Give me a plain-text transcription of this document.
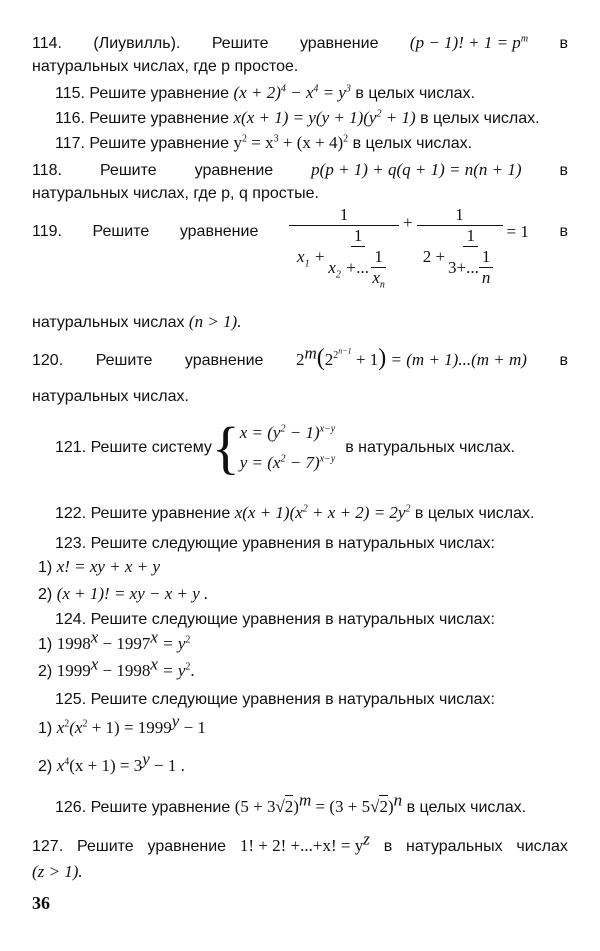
114. (Лиувилль). Решите уравнение (p − 1)! + $1 = p^m$ в
натуральных числах, где p простое.
115. Решите уравнение $(x + 2)^4 - x^4 = y^3$ в целых числах.
116. Решите уравнение $x(x + 1) = y(y + 1)(y^2 + 1)$ в целых числах.
117. Решите уравнение $y^2 = x^3 + (x + 4)^2$ в целых числах.
118. Решите уравнение p(p + 1) + q(q + 1) = n(n + 1) в
натуральных числах, где p, q простые.
119. Решите уравнение
1
$x_1 + \frac{1}{x_2 +... \frac{1}{x_n}}$
+	1
$2 + \frac{1}{3+... \frac{1}{n}} = 1$ в
натуральных числах (n > 1).
120. Решите уравнение $2^m(2^{2^{n-1}} + 1) = (m + 1)...(m + m)$ в
натуральных числах.
121. Решите систему { $x = (y^2 - 1)^{x-y}$
$y = (x^2 - 7)^{x-y}$
в натуральных числах.
122. Решите уравнение $x(x + 1)(x^2 + x + 2) = 2y^2$ в целых числах.
123. Решите следующие уравнения в натуральных числах:
1) x! = xy + x + y
2) (x + 1)! = xy − x + y .
124. Решите следующие уравнения в натуральных числах:
1) $1998^x - 1997^x = y^2$
2) $1999^x - 1998^x = y^2$.
125. Решите следующие уравнения в натуральных числах:
1) $x^2(x^2 + 1) = 1999^y - 1$
2) $x^4(x + 1) = 3^y - 1$ .
126. Решите уравнение $(5 + 3√2)^m = (3 + 5√2)^n$ в целых числах.
127. Решите уравнение 1! + 2! +...+x! = $y^z$ в натуральных числах
(z > 1).
36
